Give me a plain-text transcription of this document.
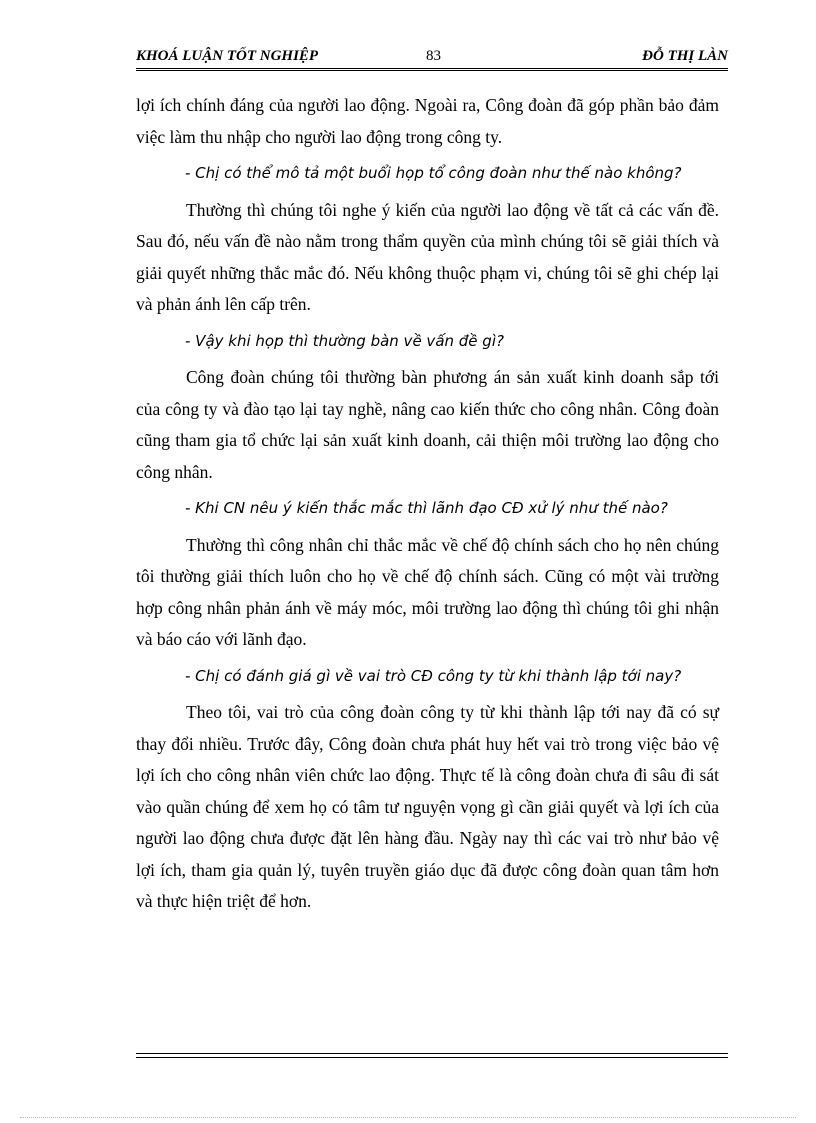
KHOÁ LUẬN TỐT NGHIỆP	83	ĐỖ THỊ LÀN

lợi ích chính đáng của người lao động. Ngoài ra, Công đoàn đã góp phần bảo đảm việc làm thu nhập cho người lao động trong công ty.

- Chị có thể mô tả một buổi họp tổ công đoàn như thế nào không?

Thường thì chúng tôi nghe ý kiến của người lao động về tất cả các vấn đề. Sau đó, nếu vấn đề nào nằm trong thẩm quyền của mình chúng tôi sẽ giải thích và giải quyết những thắc mắc đó. Nếu không thuộc phạm vi, chúng tôi sẽ ghi chép lại và phản ánh lên cấp trên.

- Vậy khi họp thì thường bàn về vấn đề gì?

Công đoàn chúng tôi thường bàn phương án sản xuất kinh doanh sắp tới của công ty và đào tạo lại tay nghề, nâng cao kiến thức cho công nhân. Công đoàn cũng tham gia tổ chức lại sản xuất kinh doanh, cải thiện môi trường lao động cho công nhân.

- Khi CN nêu ý kiến thắc mắc thì lãnh đạo CĐ xử lý như thế nào?

Thường thì công nhân chỉ thắc mắc về chế độ chính sách cho họ nên chúng tôi thường giải thích luôn cho họ về chế độ chính sách. Cũng có một vài trường hợp công nhân phản ánh về máy móc, môi trường lao động thì chúng tôi ghi nhận và báo cáo với lãnh đạo.

- Chị có đánh giá gì về vai trò CĐ công ty từ khi thành lập tới nay?

Theo tôi, vai trò của công đoàn công ty từ khi thành lập tới nay đã có sự thay đổi nhiều. Trước đây, Công đoàn chưa phát huy hết vai trò trong việc bảo vệ lợi ích cho công nhân viên chức lao động. Thực tế là công đoàn chưa đi sâu đi sát vào quần chúng để xem họ có tâm tư nguyện vọng gì cần giải quyết và lợi ích của người lao động chưa được đặt lên hàng đầu. Ngày nay thì các vai trò như bảo vệ lợi ích, tham gia quản lý, tuyên truyền giáo dục đã được công đoàn quan tâm hơn và thực hiện triệt để hơn.
